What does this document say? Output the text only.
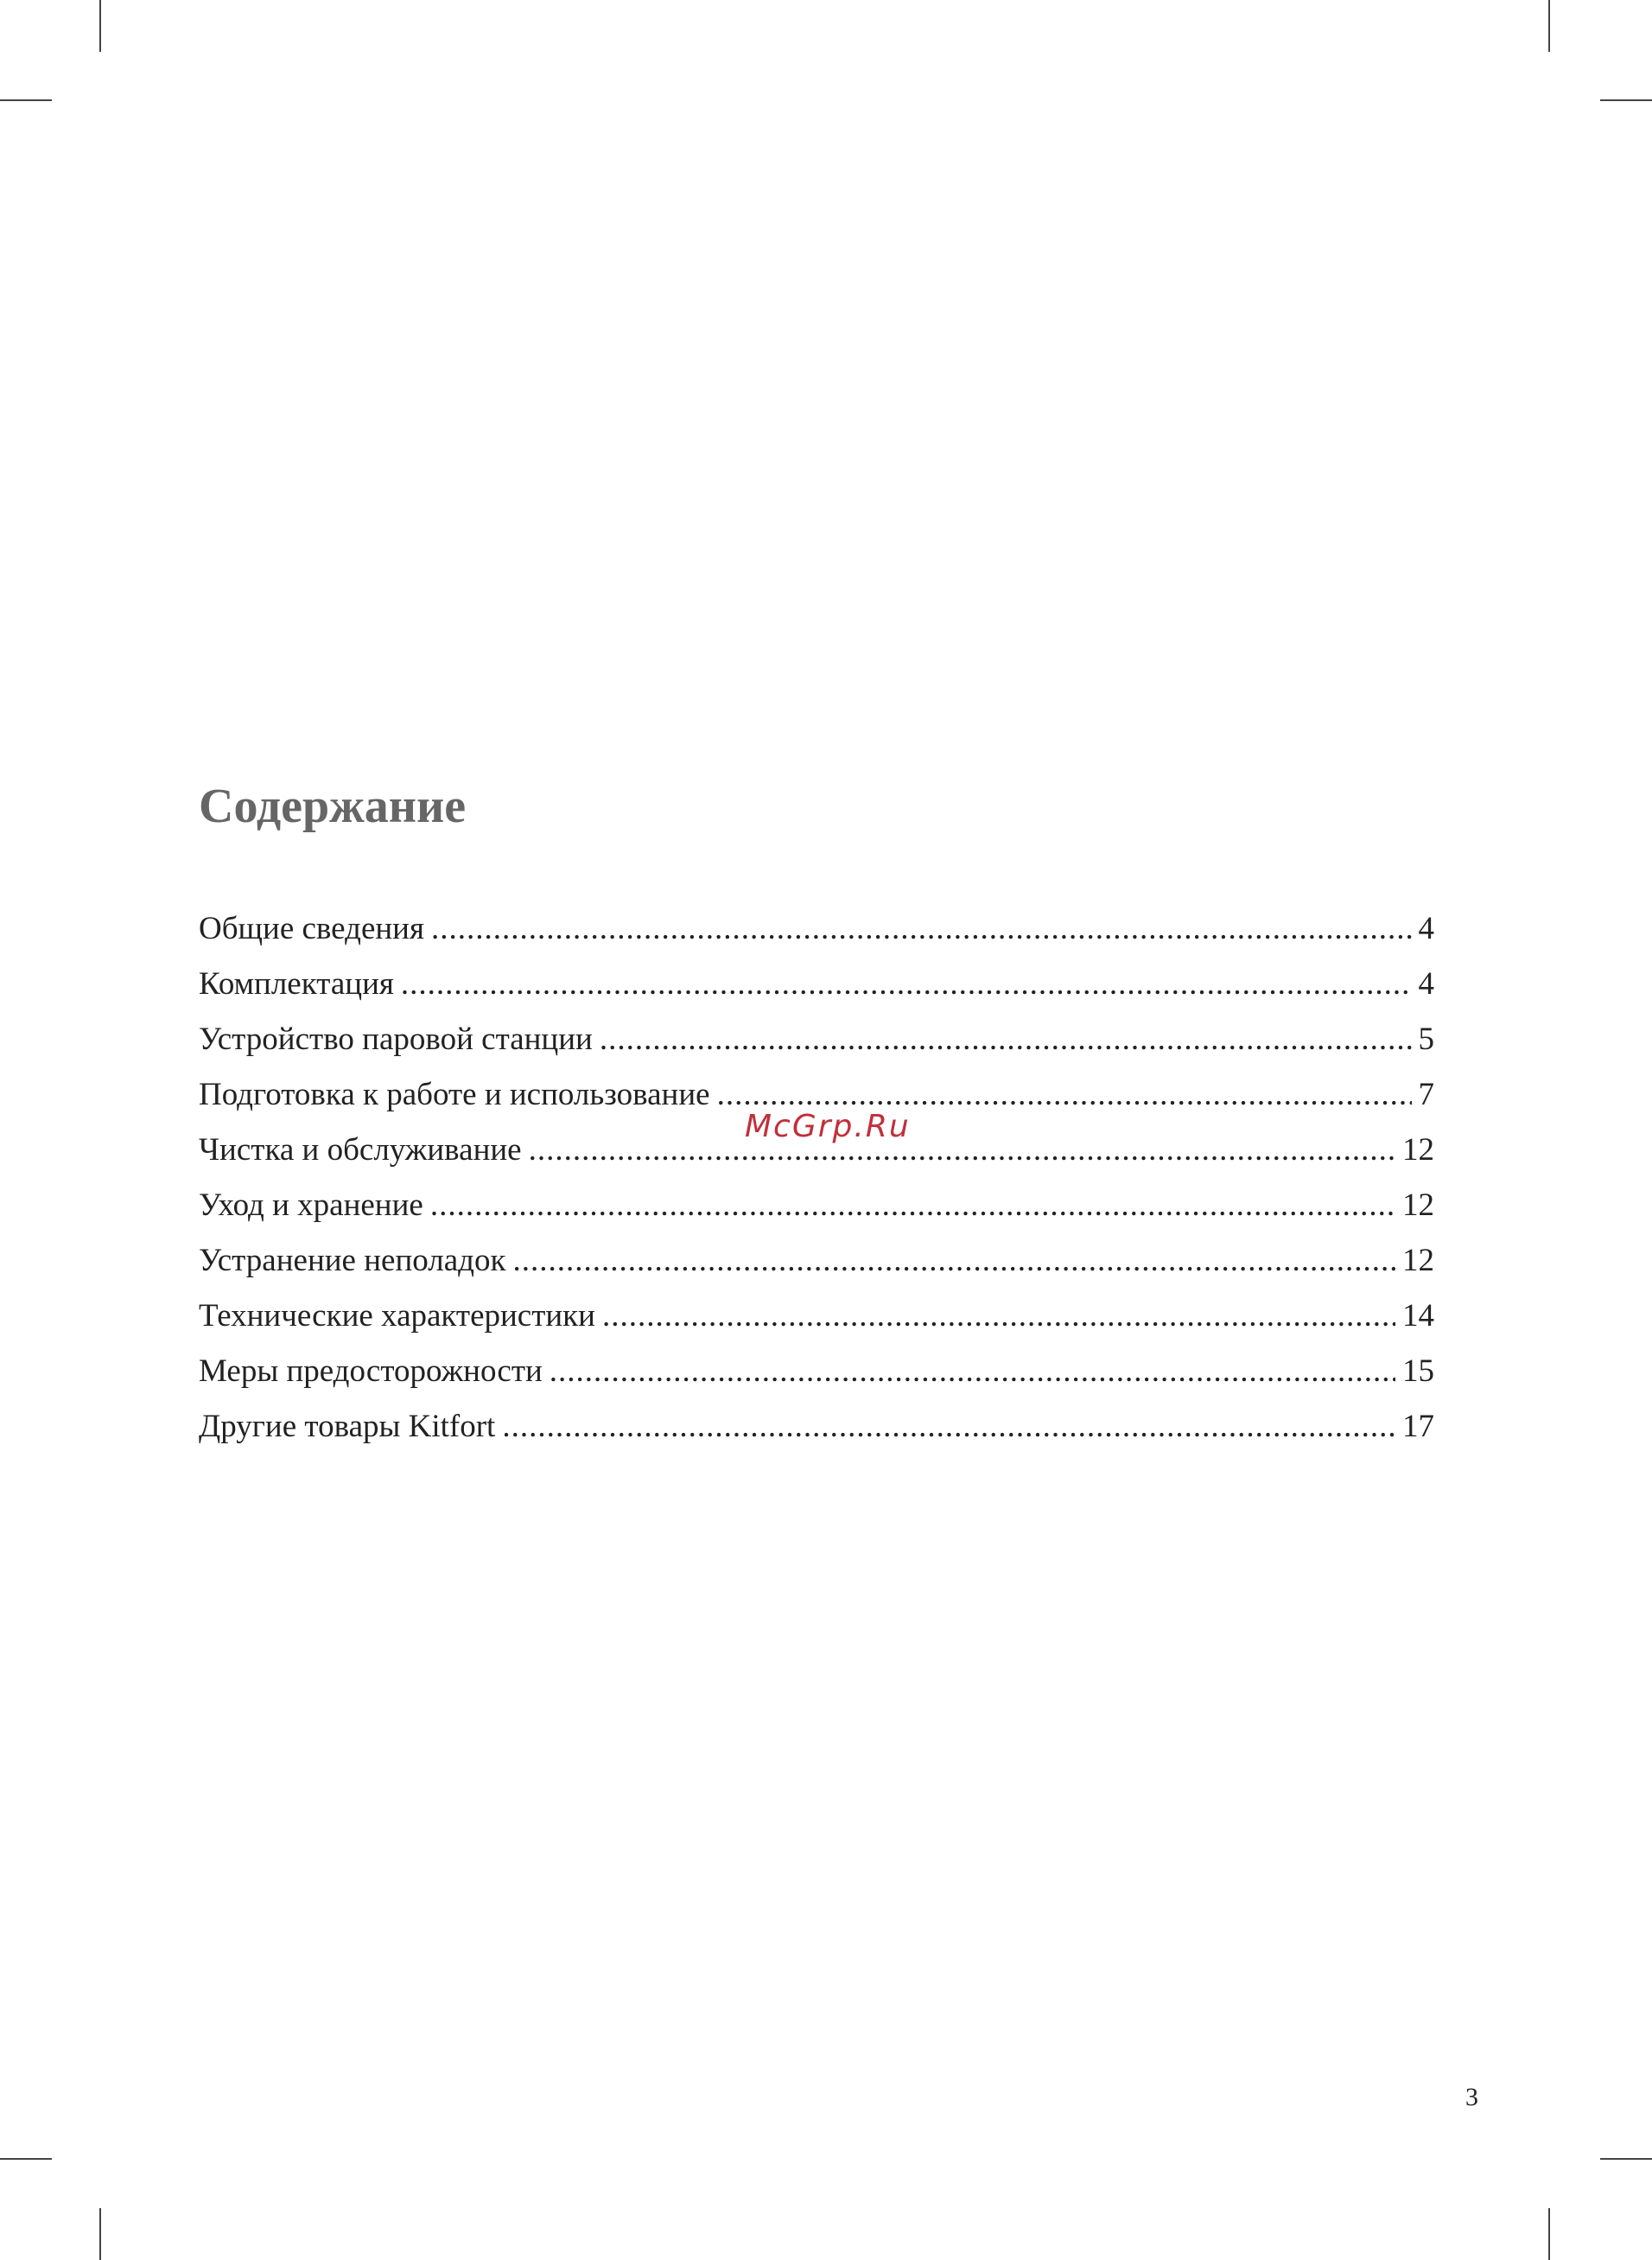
Содержание
Общие сведения .....	4
Комплектация .....	4
Устройство паровой станции .....	5
Подготовка к работе и использование .....	7
Чистка и обслуживание .....	12
Уход и хранение .....	12
Устранение неполадок .....	12
Технические характеристики .....	14
Меры предосторожности .....	15
Другие товары Kitfort .....	17
McGrp.Ru
3
